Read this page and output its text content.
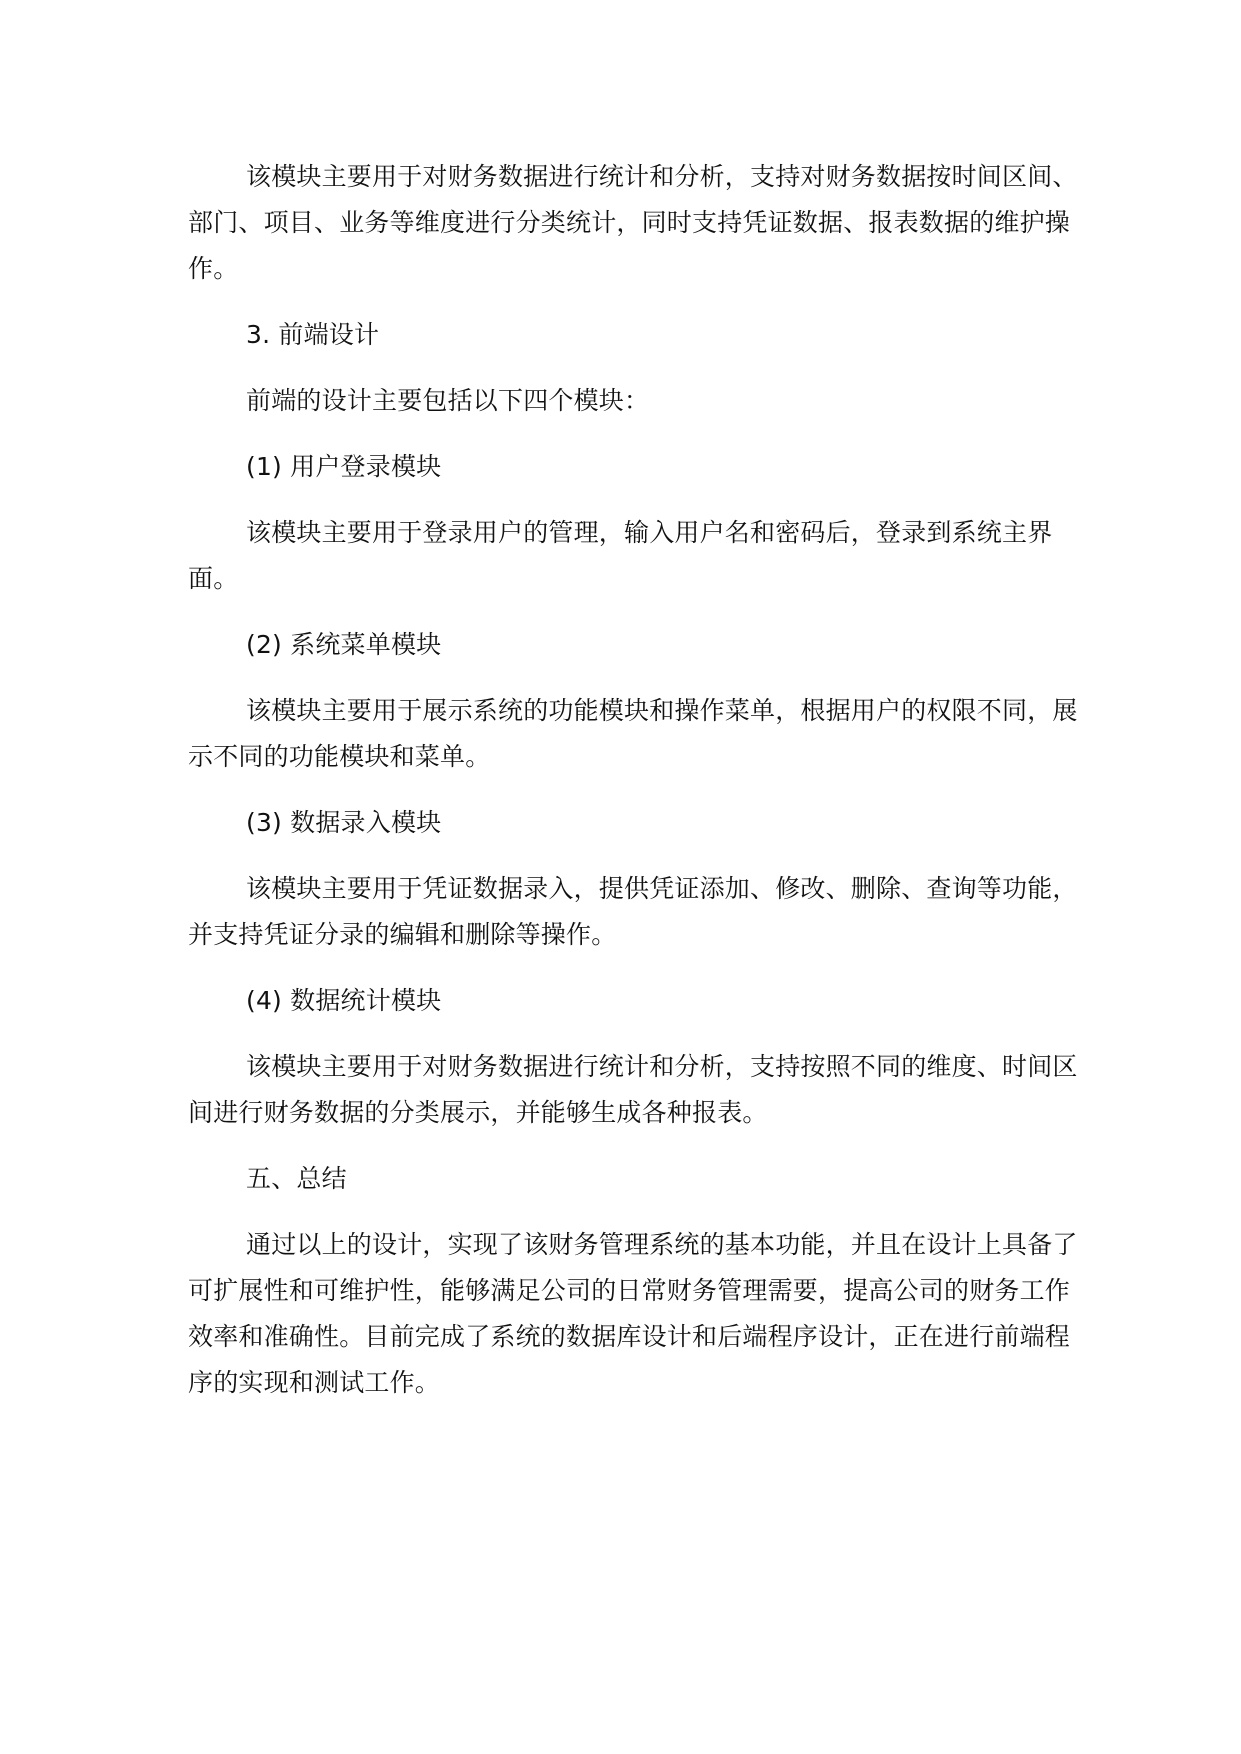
该模块主要用于对财务数据进行统计和分析，支持对财务数据按时间区间、部门、项目、业务等维度进行分类统计，同时支持凭证数据、报表数据的维护操作。

3. 前端设计

前端的设计主要包括以下四个模块：

(1) 用户登录模块

该模块主要用于登录用户的管理，输入用户名和密码后，登录到系统主界面。

(2) 系统菜单模块

该模块主要用于展示系统的功能模块和操作菜单，根据用户的权限不同，展示不同的功能模块和菜单。

(3) 数据录入模块

该模块主要用于凭证数据录入，提供凭证添加、修改、删除、查询等功能，并支持凭证分录的编辑和删除等操作。

(4) 数据统计模块

该模块主要用于对财务数据进行统计和分析，支持按照不同的维度、时间区间进行财务数据的分类展示，并能够生成各种报表。

五、总结

通过以上的设计，实现了该财务管理系统的基本功能，并且在设计上具备了可扩展性和可维护性，能够满足公司的日常财务管理需要，提高公司的财务工作效率和准确性。目前完成了系统的数据库设计和后端程序设计，正在进行前端程序的实现和测试工作。
